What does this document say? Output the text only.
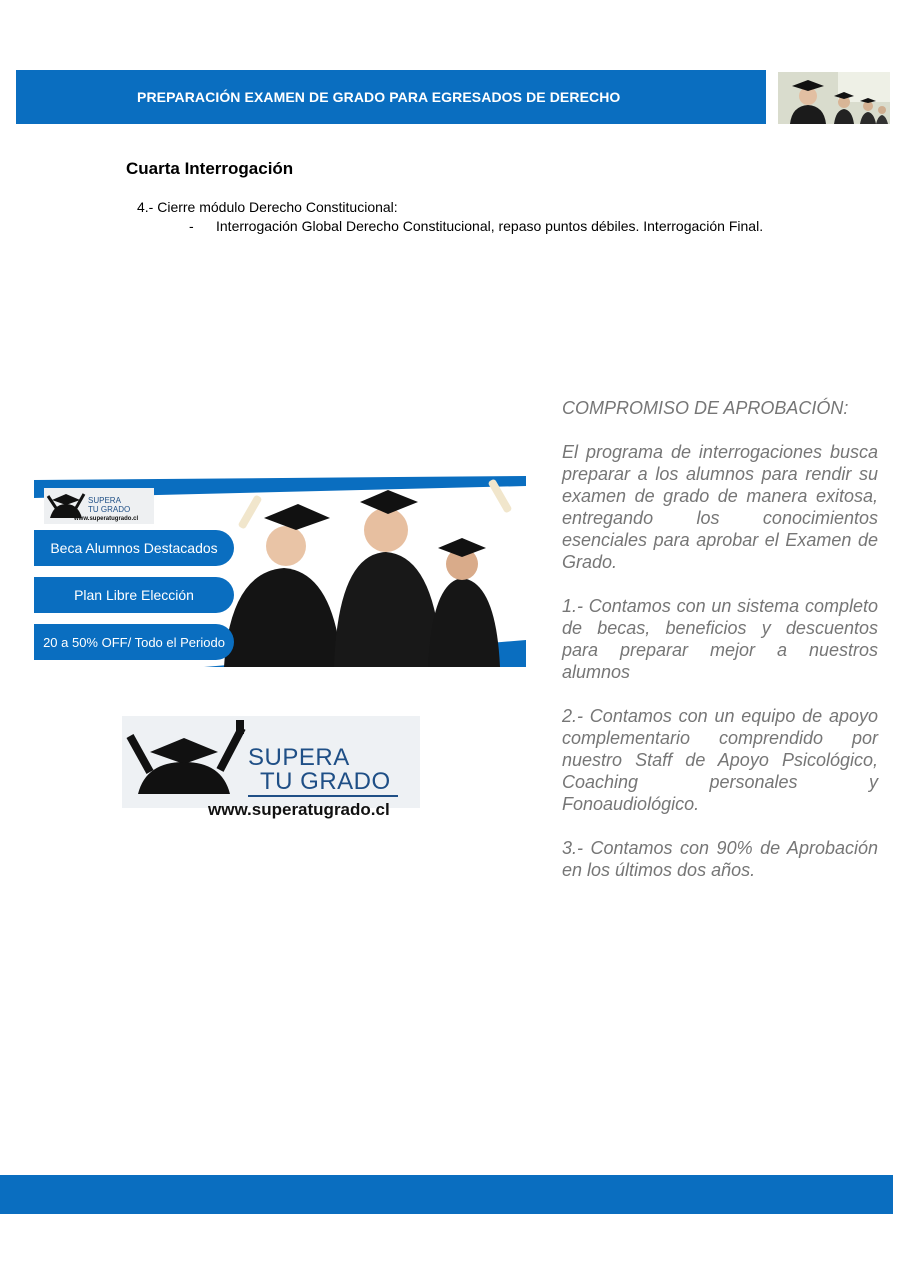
PREPARACIÓN EXAMEN DE GRADO PARA EGRESADOS DE DERECHO
Cuarta Interrogación
4.- Cierre módulo Derecho Constitucional:
- Interrogación Global Derecho Constitucional, repaso puntos débiles. Interrogación Final.
SUPERA
TU GRADO
www.superatugrado.cl
Beca Alumnos Destacados
Plan Libre Elección
20 a 50% OFF/ Todo el Periodo
SUPERA
TU GRADO
www.superatugrado.cl

COMPROMISO DE APROBACIÓN:

El programa de interrogaciones busca preparar a los alumnos para rendir su examen de grado de manera exitosa, entregando los conocimientos esenciales para aprobar el Examen de Grado.

1.- Contamos con un sistema completo de becas, beneficios y descuentos para preparar mejor a nuestros alumnos

2.- Contamos con un equipo de apoyo complementario comprendido por nuestro Staff de Apoyo Psicológico, Coaching personales y Fonoaudiológico.

3.- Contamos con 90% de Aprobación en los últimos dos años.
